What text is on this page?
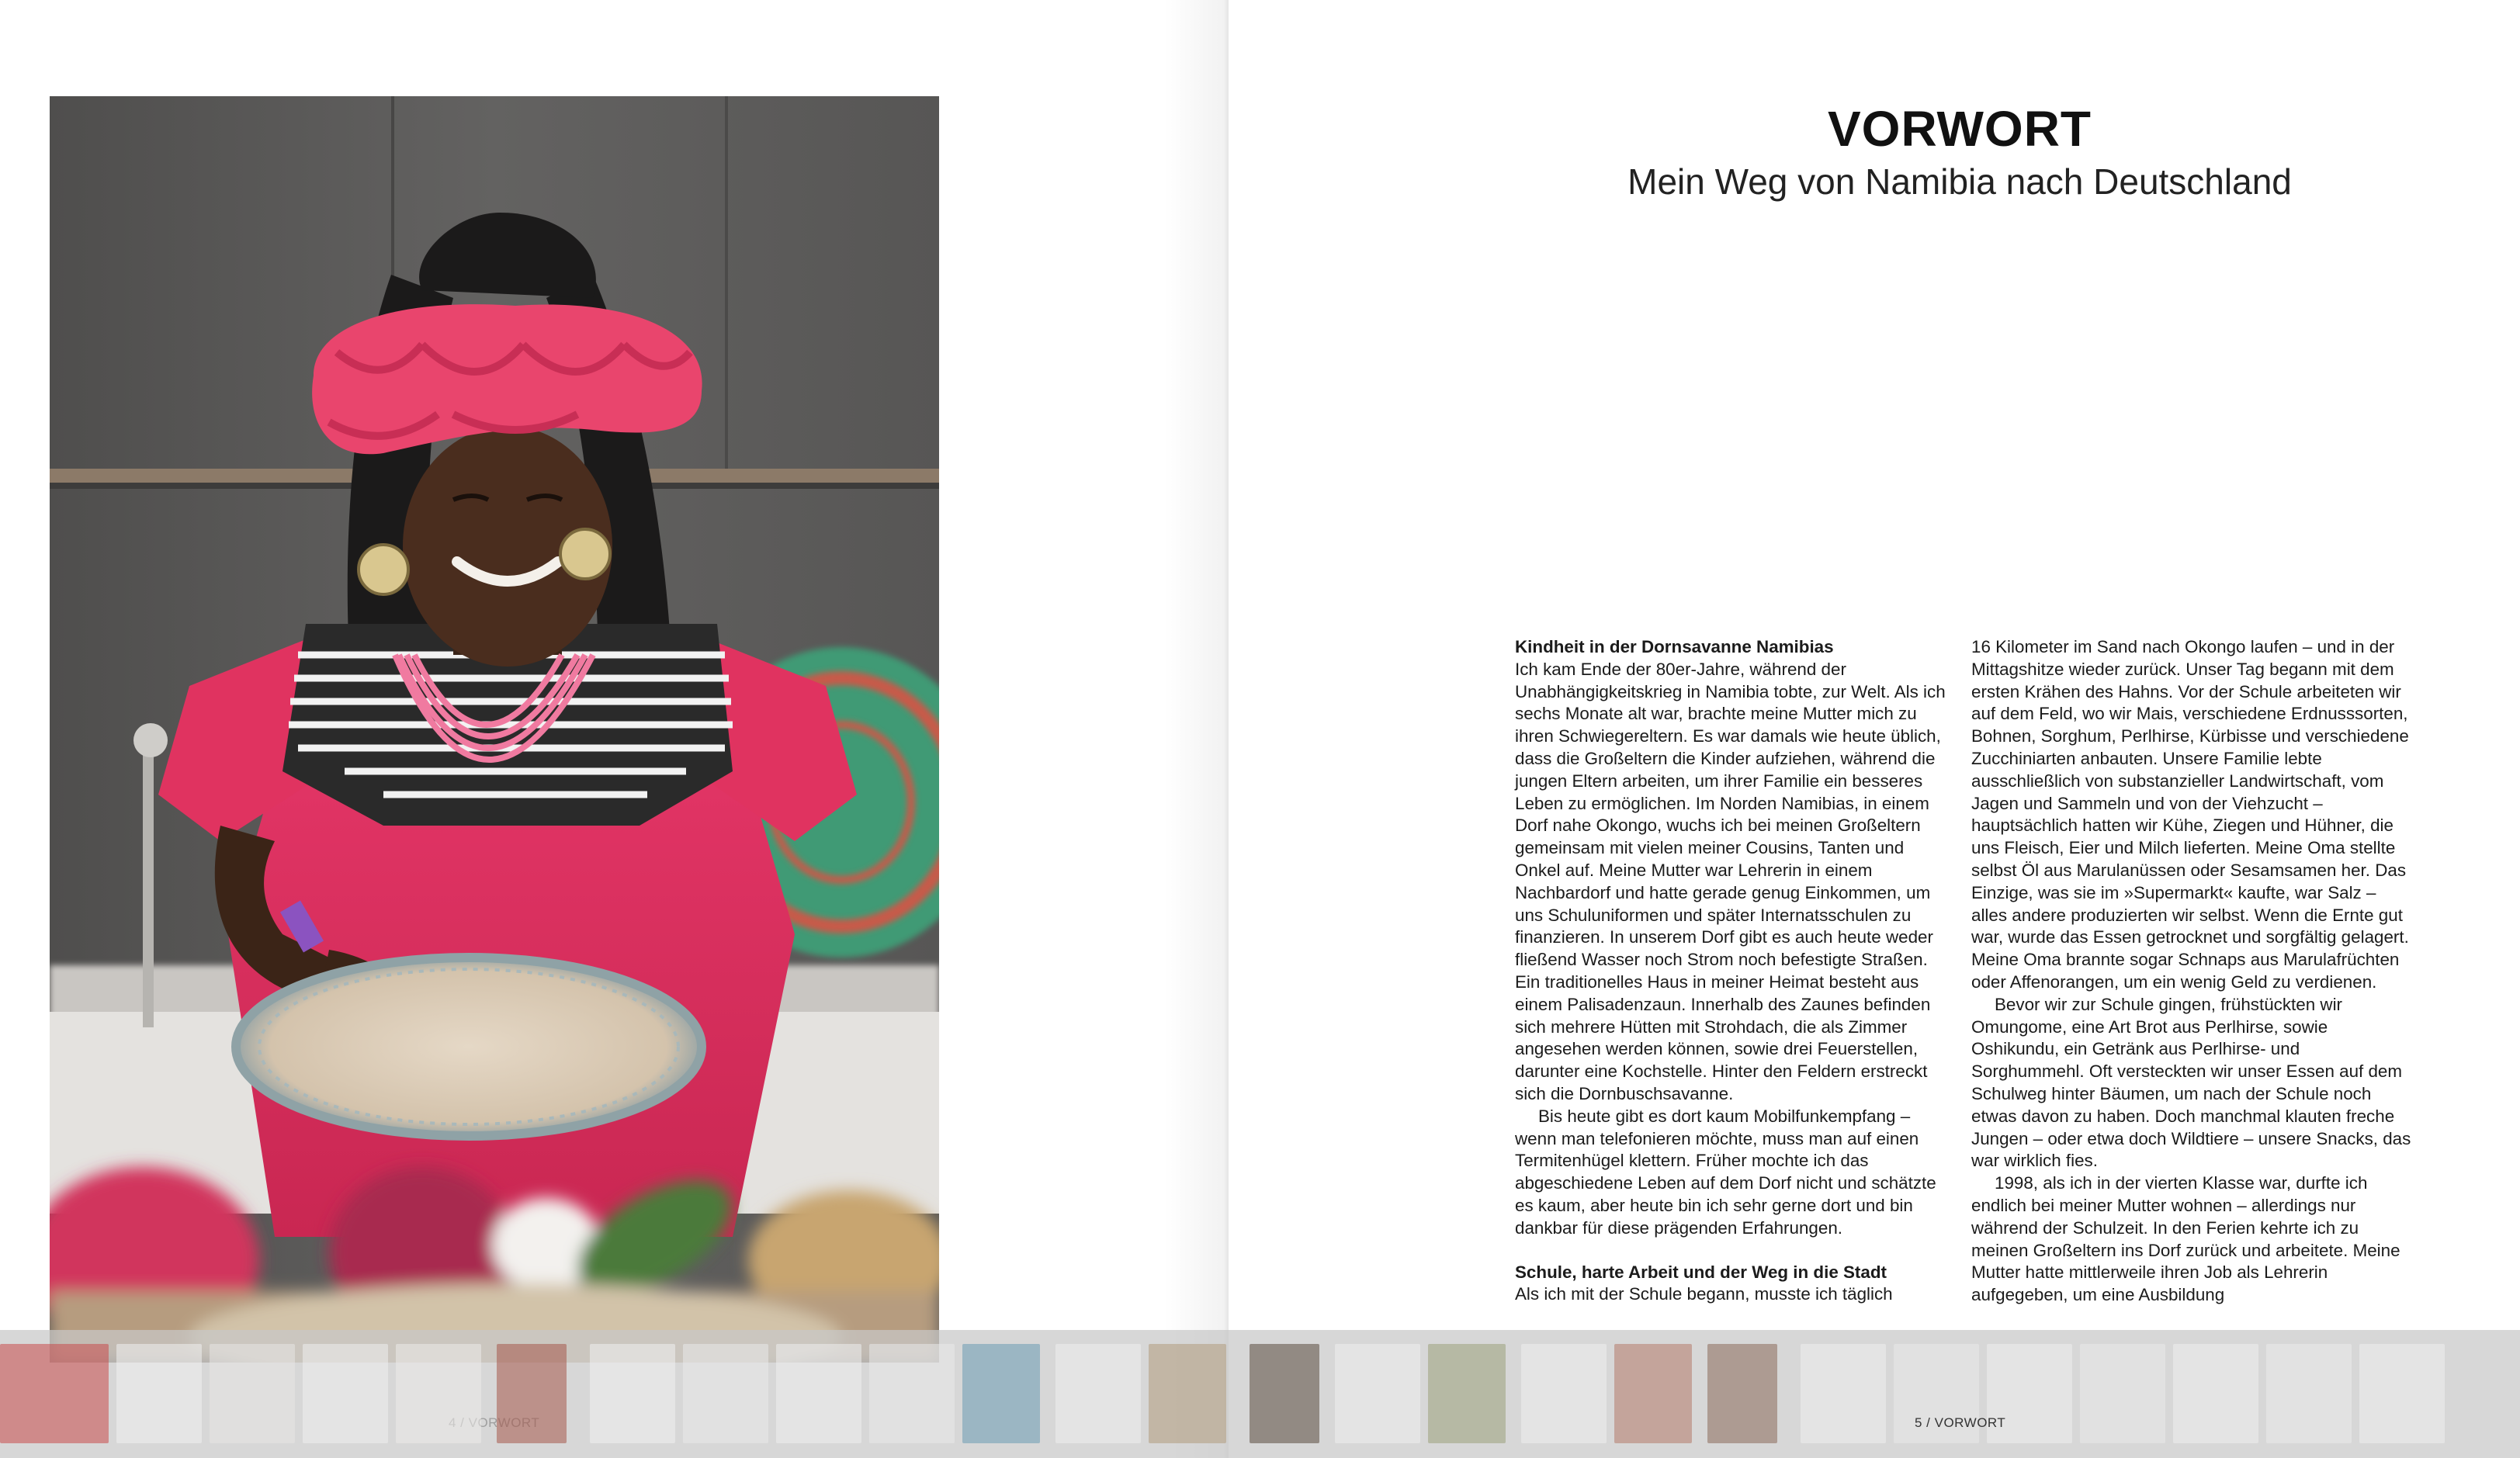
VORWORT
Mein Weg von Namibia nach Deutschland

Kindheit in der Dornsavanne Namibias

Ich kam Ende der 80er-Jahre, während der Unabhängigkeitskrieg in Namibia tobte, zur Welt. Als ich sechs Monate alt war, brachte meine Mutter mich zu ihren Schwiegereltern. Es war damals wie heute üblich, dass die Großeltern die Kinder aufziehen, während die jungen Eltern arbeiten, um ihrer Familie ein besseres Leben zu ermöglichen. Im Norden Namibias, in einem Dorf nahe Okongo, wuchs ich bei meinen Großeltern gemeinsam mit vielen meiner Cousins, Tanten und Onkel auf. Meine Mutter war Lehrerin in einem Nachbardorf und hatte gerade genug Einkommen, um uns Schuluniformen und später Internatsschulen zu finanzieren. In unserem Dorf gibt es auch heute weder fließend Wasser noch Strom noch befestigte Straßen.

Ein traditionelles Haus in meiner Heimat besteht aus einem Palisadenzaun. Innerhalb des Zaunes befinden sich mehrere Hütten mit Strohdach, die als Zimmer angesehen werden können, sowie drei Feuerstellen, darunter eine Kochstelle. Hinter den Feldern erstreckt sich die Dornbuschsavanne.

Bis heute gibt es dort kaum Mobilfunkempfang – wenn man telefonieren möchte, muss man auf einen Termitenhügel klettern. Früher mochte ich das abgeschiedene Leben auf dem Dorf nicht und schätzte es kaum, aber heute bin ich sehr gerne dort und bin dankbar für diese prägenden Erfahrungen.

Schule, harte Arbeit und der Weg in die Stadt

Als ich mit der Schule begann, musste ich täglich

16 Kilometer im Sand nach Okongo laufen – und in der Mittagshitze wieder zurück. Unser Tag begann mit dem ersten Krähen des Hahns. Vor der Schule arbeiteten wir auf dem Feld, wo wir Mais, verschiedene Erdnusssorten, Bohnen, Sorghum, Perlhirse, Kürbisse und verschiedene Zucchiniarten anbauten. Unsere Familie lebte ausschließlich von substanzieller Landwirtschaft, vom Jagen und Sammeln und von der Viehzucht – hauptsächlich hatten wir Kühe, Ziegen und Hühner, die uns Fleisch, Eier und Milch lieferten. Meine Oma stellte selbst Öl aus Marulanüssen oder Sesamsamen her. Das Einzige, was sie im »Supermarkt« kaufte, war Salz – alles andere produzierten wir selbst. Wenn die Ernte gut war, wurde das Essen getrocknet und sorgfältig gelagert. Meine Oma brannte sogar Schnaps aus Marulafrüchten oder Affenorangen, um ein wenig Geld zu verdienen.

Bevor wir zur Schule gingen, frühstückten wir Omungome, eine Art Brot aus Perlhirse, sowie Oshikundu, ein Getränk aus Perlhirse- und Sorghummehl. Oft versteckten wir unser Essen auf dem Schulweg hinter Bäumen, um nach der Schule noch etwas davon zu haben. Doch manchmal klauten freche Jungen – oder etwa doch Wildtiere – unsere Snacks, das war wirklich fies.

1998, als ich in der vierten Klasse war, durfte ich endlich bei meiner Mutter wohnen – allerdings nur während der Schulzeit. In den Ferien kehrte ich zu meinen Großeltern ins Dorf zurück und arbeitete. Meine Mutter hatte mittlerweile ihren Job als Lehrerin aufgegeben, um eine Ausbildung

5 / VORWORT
